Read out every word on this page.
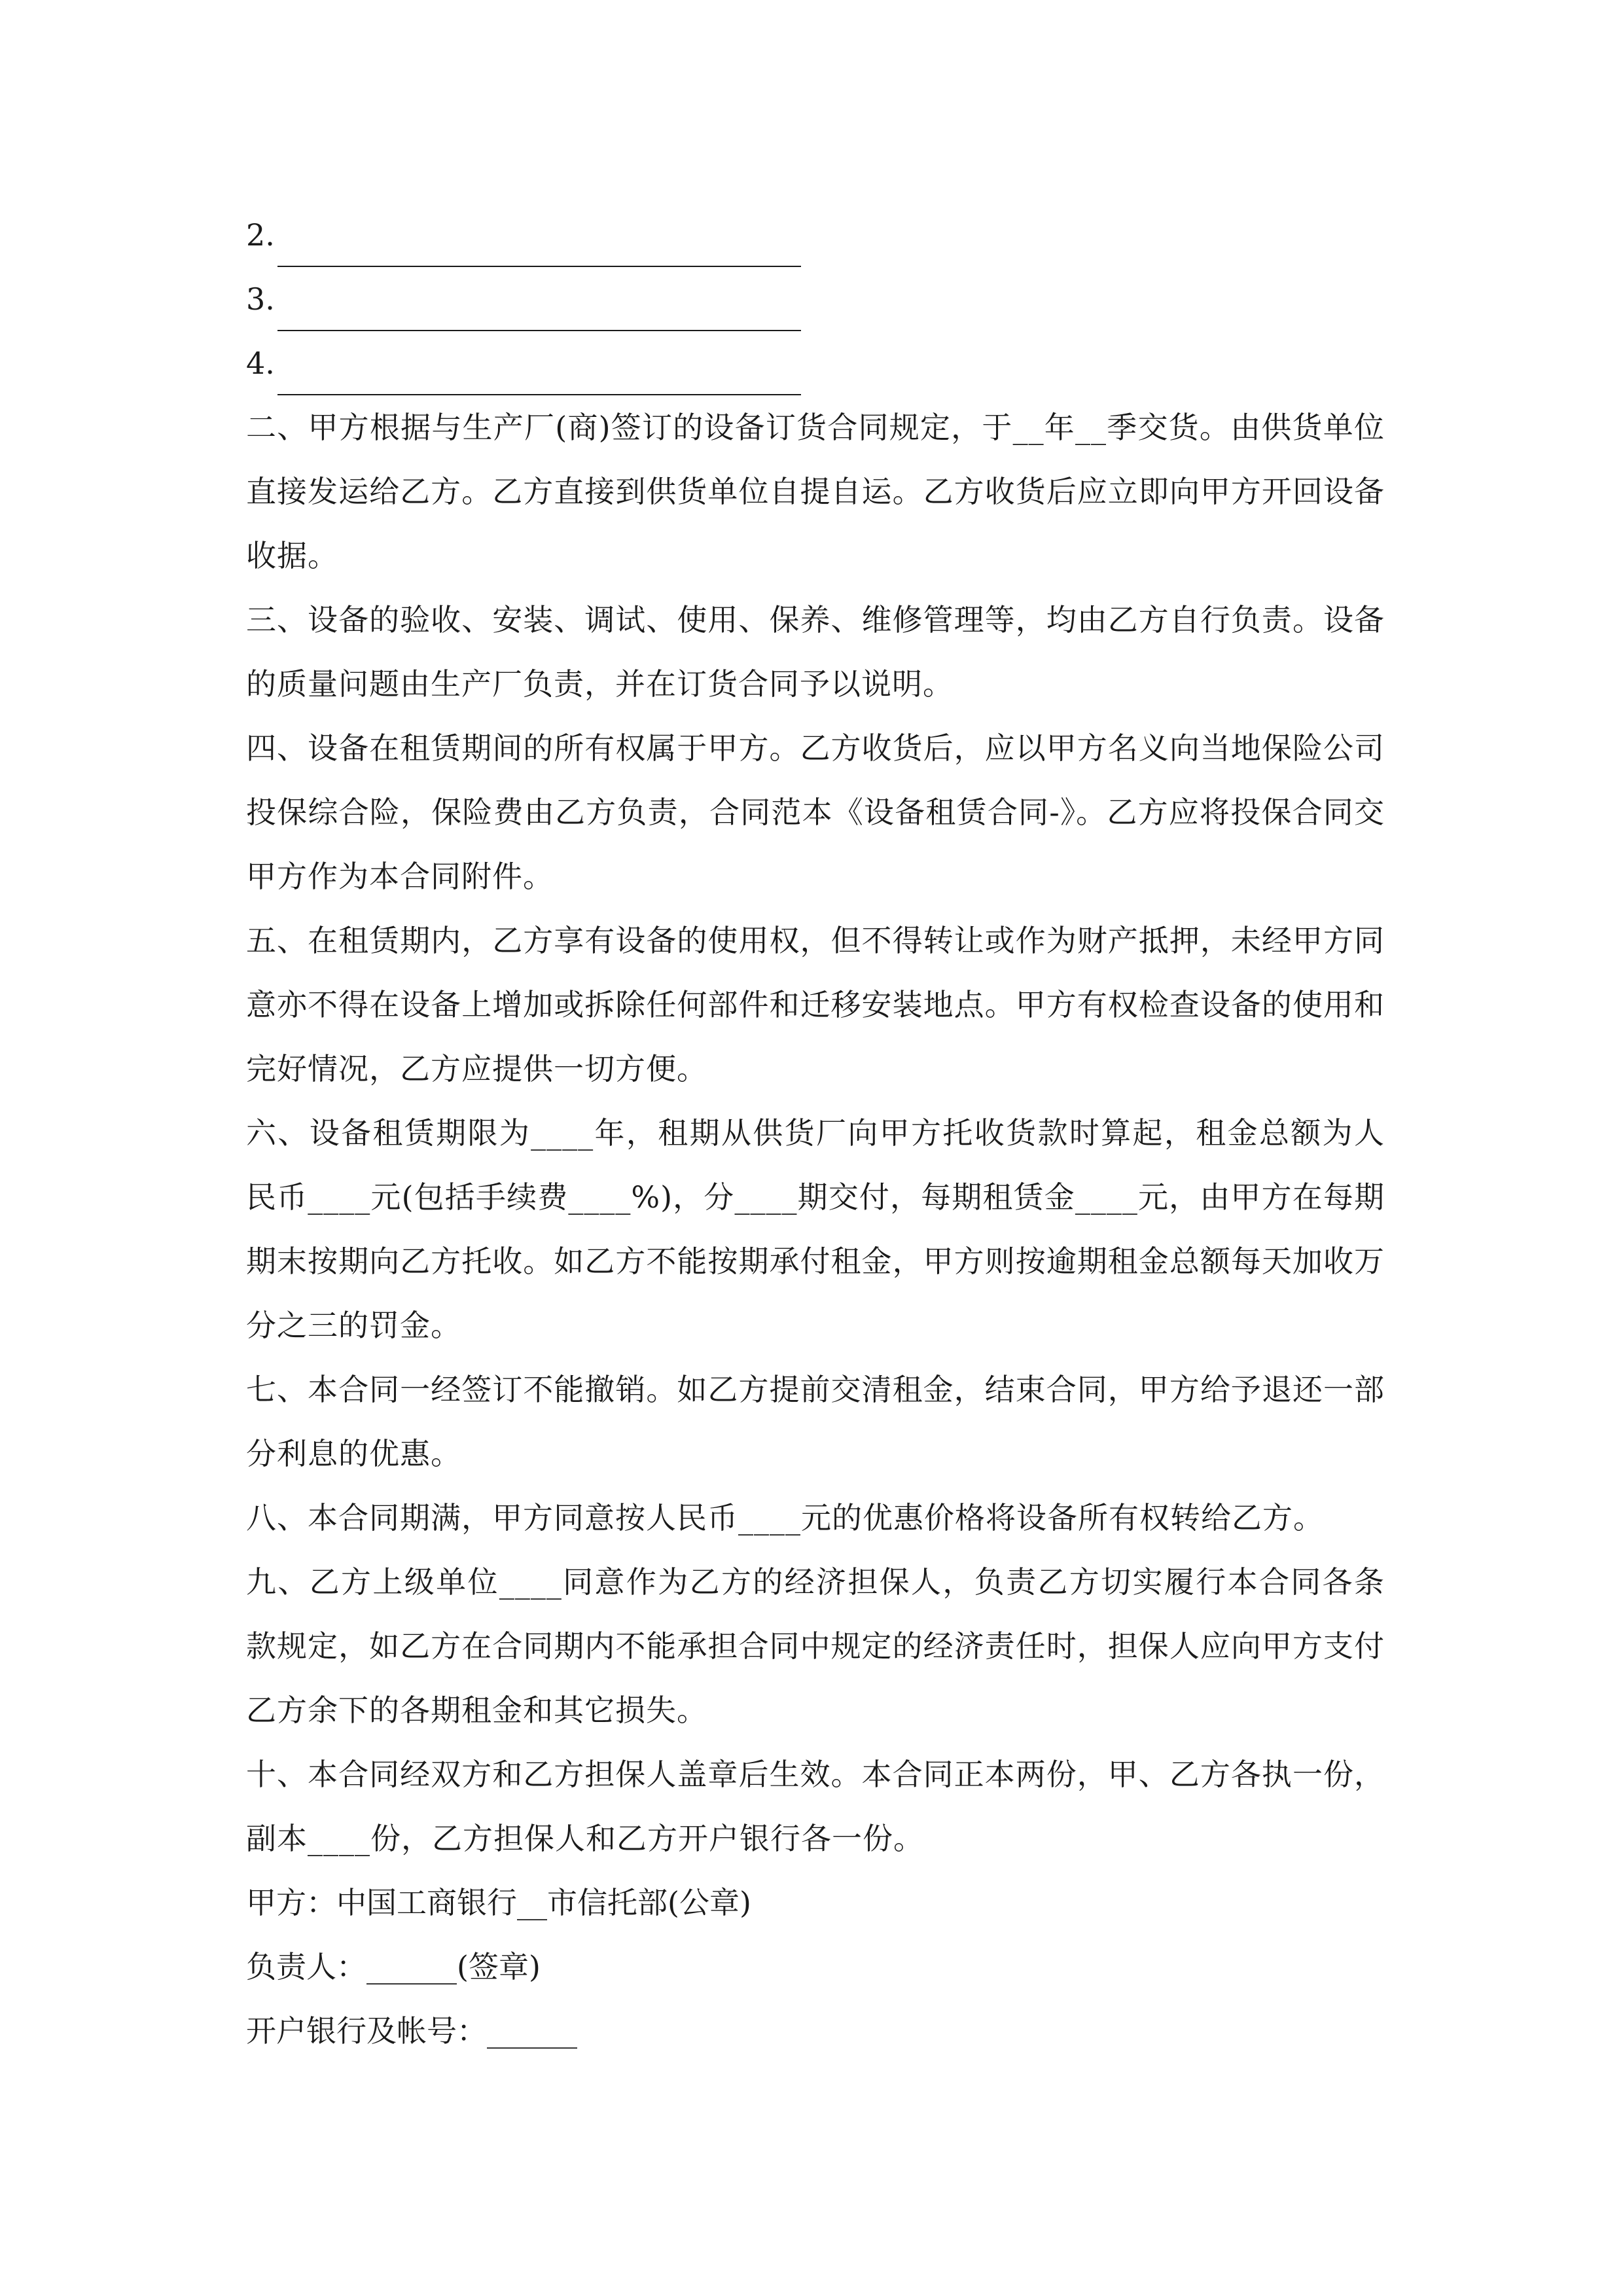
2.
3.
4.
二、甲方根据与生产厂(商)签订的设备订货合同规定，于__年__季交货。由供货单位直接发运给乙方。乙方直接到供货单位自提自运。乙方收货后应立即向甲方开回设备收据。
三、设备的验收、安装、调试、使用、保养、维修管理等，均由乙方自行负责。设备的质量问题由生产厂负责，并在订货合同予以说明。
四、设备在租赁期间的所有权属于甲方。乙方收货后，应以甲方名义向当地保险公司投保综合险，保险费由乙方负责，合同范本《设备租赁合同-》。乙方应将投保合同交甲方作为本合同附件。
五、在租赁期内，乙方享有设备的使用权，但不得转让或作为财产抵押，未经甲方同意亦不得在设备上增加或拆除任何部件和迁移安装地点。甲方有权检查设备的使用和完好情况，乙方应提供一切方便。
六、设备租赁期限为____年，租期从供货厂向甲方托收货款时算起，租金总额为人民币____元(包括手续费____%)，分____期交付，每期租赁金____元，由甲方在每期期末按期向乙方托收。如乙方不能按期承付租金，甲方则按逾期租金总额每天加收万分之三的罚金。
七、本合同一经签订不能撤销。如乙方提前交清租金，结束合同，甲方给予退还一部分利息的优惠。
八、本合同期满，甲方同意按人民币____元的优惠价格将设备所有权转给乙方。
九、乙方上级单位____同意作为乙方的经济担保人，负责乙方切实履行本合同各条款规定，如乙方在合同期内不能承担合同中规定的经济责任时，担保人应向甲方支付乙方余下的各期租金和其它损失。
十、本合同经双方和乙方担保人盖章后生效。本合同正本两份，甲、乙方各执一份，副本____份，乙方担保人和乙方开户银行各一份。
甲方：中国工商银行__市信托部(公章)
负责人：______(签章)
开户银行及帐号：______
